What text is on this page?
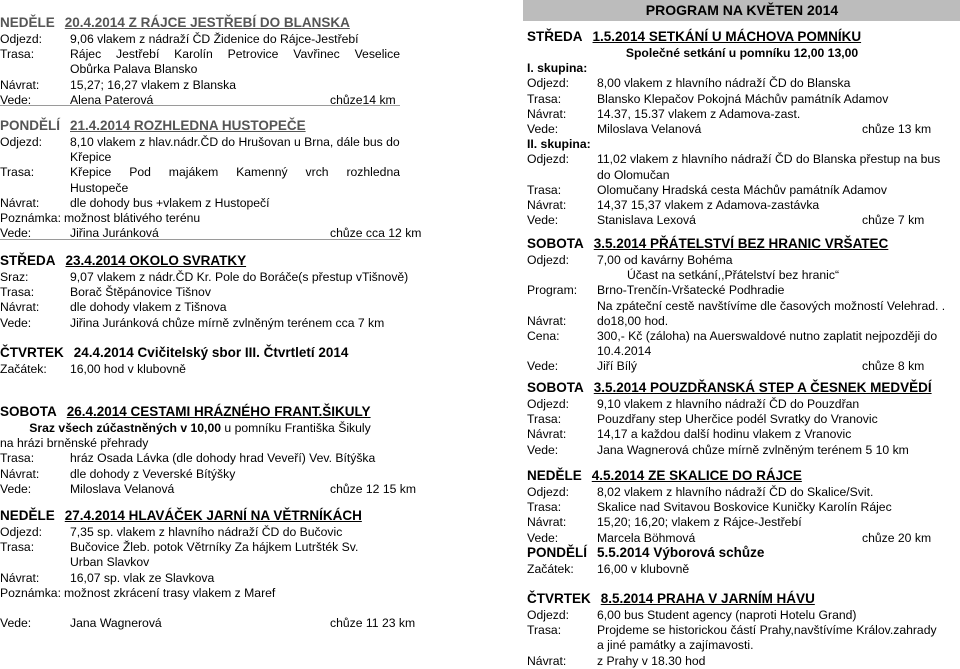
NEDĚLE 20.4.2014 Z RÁJCE JESTŘEBÍ DO BLANSKA
Odjezd: 9,06 vlakem z nádraží ČD Židenice do Rájce-Jestřebí
Trasa:	Rájec Jestřebí Karolín Petrovice Vavřinec Veselice
Obůrka Palava Blansko
Návrat:	15,27; 16,27 vlakem z Blanska
Vede:	Alena Paterová	chůze14 km
PONDĚLÍ 21.4.2014 ROZHLEDNA HUSTOPEČE
Odjezd: 8,10 vlakem z hlav.nádr.ČD do Hrušovan u Brna, dále bus do
Křepice
Trasa:	Křepice Pod majákem Kamenný vrch rozhledna
Hustopeče
Návrat:	dle dohody bus +vlakem z Hustopečí
Poznámka: možnost blátivého terénu
Vede:	Jiřina Juránková	chůze cca 12 km
STŘEDA 23.4.2014 OKOLO SVRATKY
Sraz:	9,07 vlakem z nádr.ČD Kr. Pole do Boráče(s přestup vTišnově)
Trasa:	Borač Štěpánovice Tišnov
Návrat:	dle dohody vlakem z Tišnova
Vede:	Jiřina Juránková chůze mírně zvlněným terénem cca 7 km
ČTVRTEK 24.4.2014 Cvičitelský sbor III. Čtvrtletí 2014
Začátek: 16,00 hod v klubovně
SOBOTA 26.4.2014 CESTAMI HRÁZNÉHO FRANT.ŠIKULY
Sraz všech zúčastněných v 10,00 u pomníku Františka Šikuly
na hrázi brněnské přehrady
Trasa:	hráz Osada Lávka (dle dohody hrad Veveří) Vev. Bítýška
Návrat:	dle dohody z Veverské Bítýšky
Vede:	Miloslava Velanová	chůze 12 15 km
NEDĚLE 27.4.2014 HLAVÁČEK JARNÍ NA VĚTRNÍKÁCH
Odjezd: 7,35 sp. vlakem z hlavního nádraží ČD do Bučovic
Trasa:	Bučovice Žleb. potok Větrníky Za hájkem Lutršték Sv.
Urban Slavkov
Návrat:	16,07 sp. vlak ze Slavkova
Poznámka: možnost zkrácení trasy vlakem z Maref
Vede:	Jana Wagnerová	chůze 11 23 km
PROGRAM NA KVĚTEN 2014
STŘEDA 1.5.2014 SETKÁNÍ U MÁCHOVA POMNÍKU
Společné setkání u pomníku 12,00 13,00
I. skupina:
Odjezd: 8,00 vlakem z hlavního nádraží ČD do Blanska
Trasa:	Blansko Klepačov Pokojná Máchův památník Adamov
Návrat:	14.37, 15.37 vlakem z Adamova-zast.
Vede:	Miloslava Velanová	chůze 13 km
II. skupina:
Odjezd: 11,02 vlakem z hlavního nádraží ČD do Blanska přestup na bus
do Olomučan
Trasa:	Olomučany Hradská cesta Máchův památník Adamov
Návrat:	14,37 15,37 vlakem z Adamova-zastávka
Vede:	Stanislava Lexová	chůze 7 km
SOBOTA 3.5.2014 PŘÁTELSTVÍ BEZ HRANIC VRŠATEC
Odjezd: 7,00 od kavárny Bohéma
Účast na setkání,,Přátelství bez hranic“
Program: Brno-Trenčín-Vršatecké Podhradie
Na zpáteční cestě navštívíme dle časových možností Velehrad. .
Návrat:	do18,00 hod.
Cena:	300,- Kč (záloha) na Auerswaldové nutno zaplatit nejpozději do
10.4.2014
Vede:	Jiří Bílý	chůze 8 km
SOBOTA 3.5.2014 POUZDŘANSKÁ STEP A ČESNEK MEDVĚDÍ
Odjezd: 9,10 vlakem z hlavního nádraží ČD do Pouzdřan
Trasa:	Pouzdřany step Uherčice podél Svratky do Vranovic
Návrat:	14,17 a každou další hodinu vlakem z Vranovic
Vede:	Jana Wagnerová chůze mírně zvlněným terénem 5 10 km
NEDĚLE 4.5.2014 ZE SKALICE DO RÁJCE
Odjezd: 8,02 vlakem z hlavního nádraží ČD do Skalice/Svit.
Trasa:	Skalice nad Svitavou Boskovice Kuničky Karolín Rájec
Návrat:	15,20; 16,20; vlakem z Rájce-Jestřebí
Vede:	Marcela Böhmová	chůze 20 km
PONDĚLÍ 5.5.2014 Výborová schůze
Začátek: 16,00 v klubovně
ČTVRTEK 8.5.2014 PRAHA V JARNÍM HÁVU
Odjezd: 6,00 bus Student agency (naproti Hotelu Grand)
Trasa:	Projdeme se historickou částí Prahy,navštívíme Králov.zahrady
a jiné památky a zajímavosti.
Návrat:	z Prahy v 18.30 hod
